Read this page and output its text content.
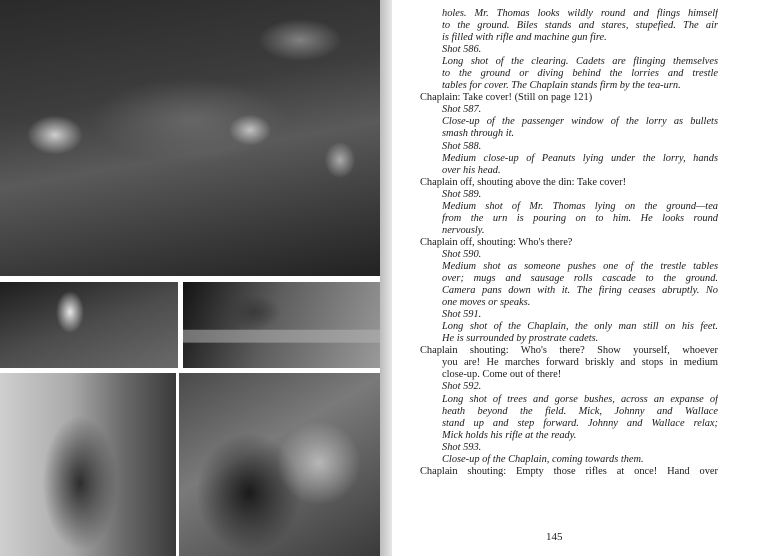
holes. Mr. Thomas looks wildly round and flings himself
to the ground. Biles stands and stares, stupefied. The air
is filled with rifle and machine gun fire.
Shot 586.
Long shot of the clearing. Cadets are flinging themselves
to the ground or diving behind the lorries and trestle
tables for cover. The Chaplain stands firm by the tea-urn.
Chaplain: Take cover! (Still on page 121)
Shot 587.
Close-up of the passenger window of the lorry as bullets
smash through it.
Shot 588.
Medium close-up of Peanuts lying under the lorry, hands
over his head.
Chaplain off, shouting above the din: Take cover!
Shot 589.
Medium shot of Mr. Thomas lying on the ground—tea
from the urn is pouring on to him. He looks round
nervously.
Chaplain off, shouting: Who's there?
Shot 590.
Medium shot as someone pushes one of the trestle tables
over; mugs and sausage rolls cascade to the ground.
Camera pans down with it. The firing ceases abruptly. No
one moves or speaks.
Shot 591.
Long shot of the Chaplain, the only man still on his feet.
He is surrounded by prostrate cadets.
Chaplain shouting: Who's there? Show yourself, whoever
you are! He marches forward briskly and stops in medium
close-up. Come out of there!
Shot 592.
Long shot of trees and gorse bushes, across an expanse of
heath beyond the field. Mick, Johnny and Wallace
stand up and step forward. Johnny and Wallace relax;
Mick holds his rifle at the ready.
Shot 593.
Close-up of the Chaplain, coming towards them.
Chaplain shouting: Empty those rifles at once! Hand over
145
